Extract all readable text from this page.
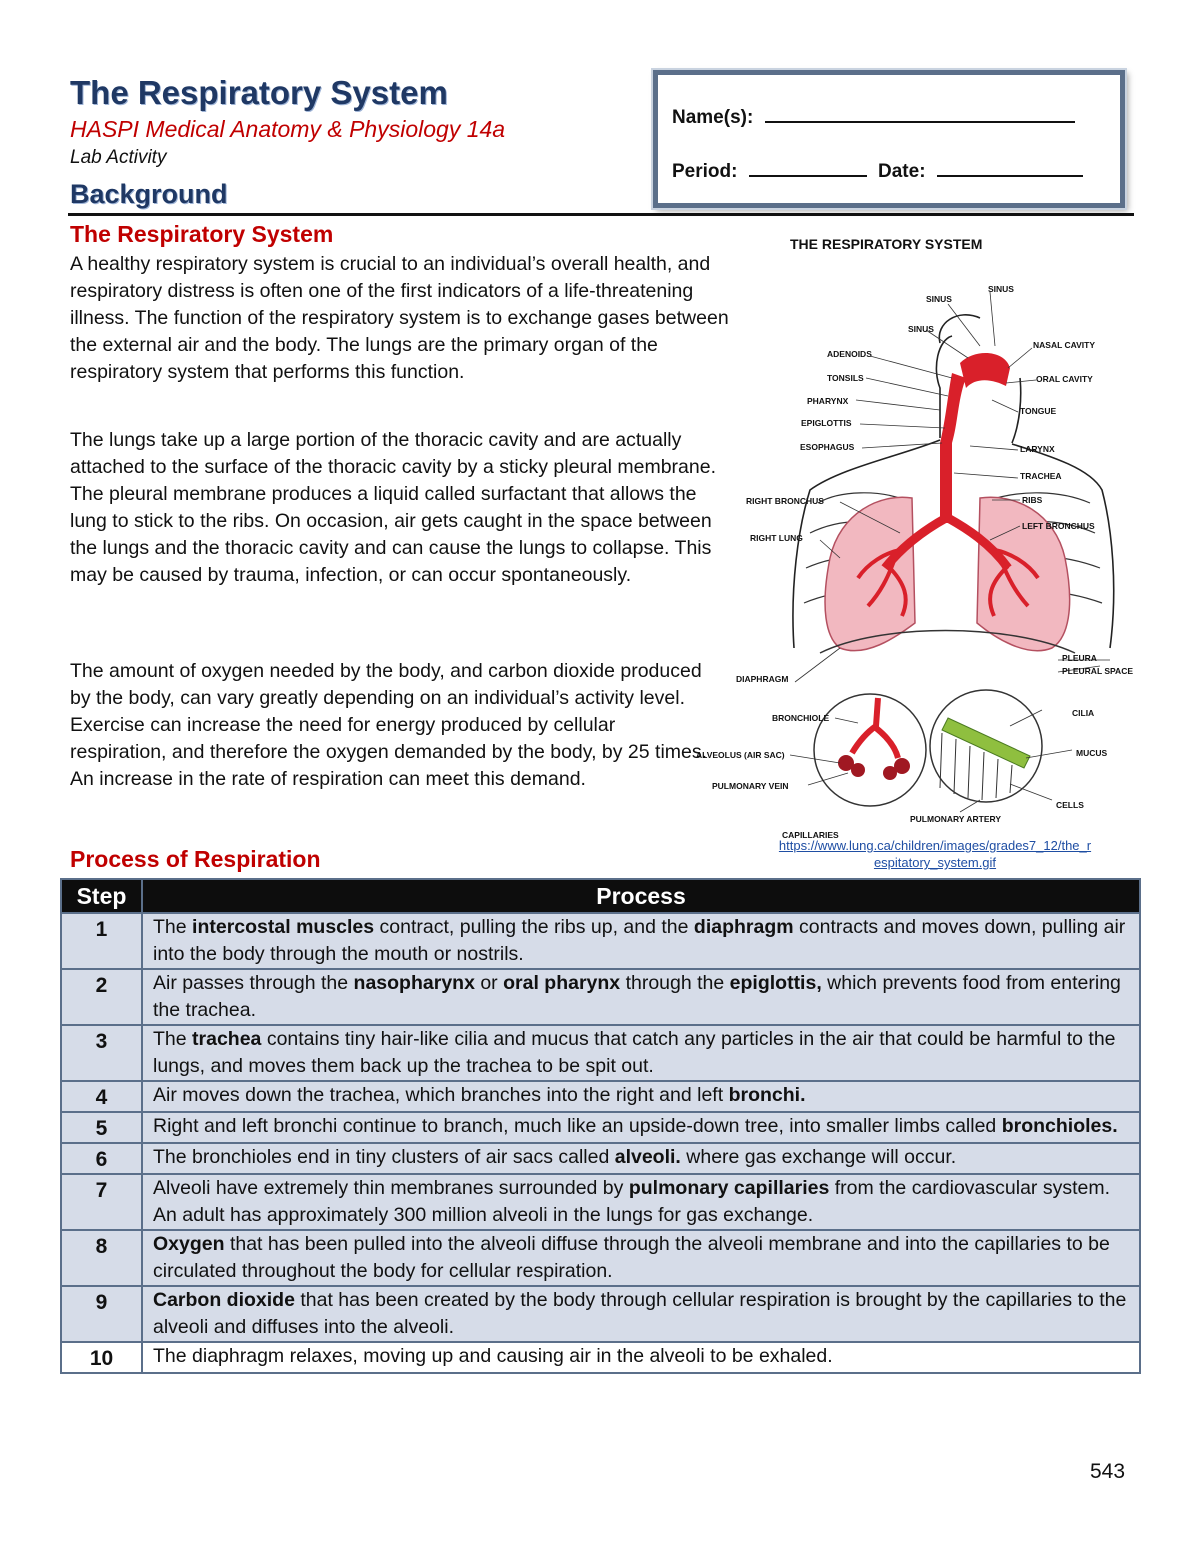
The Respiratory System
HASPI Medical Anatomy & Physiology 14a
Lab Activity
Background
Name(s):
Period:	Date:
The Respiratory System
A healthy respiratory system is crucial to an individual’s overall health, and respiratory distress is often one of the first indicators of a life-threatening illness. The function of the respiratory system is to exchange gases between the external air and the body. The lungs are the primary organ of the respiratory system that performs this function.
The lungs take up a large portion of the thoracic cavity and are actually attached to the surface of the thoracic cavity by a sticky pleural membrane. The pleural membrane produces a liquid called surfactant that allows the lung to stick to the ribs. On occasion, air gets caught in the space between the lungs and the thoracic cavity and can cause the lungs to collapse. This may be caused by trauma, infection, or can occur spontaneously.
The amount of oxygen needed by the body, and carbon dioxide produced by the body, can vary greatly depending on an individual’s activity level. Exercise can increase the need for energy produced by cellular respiration, and therefore the oxygen demanded by the body, by 25 times. An increase in the rate of respiration can meet this demand.
THE RESPIRATORY SYSTEM
SINUS
SINUS
SINUS
ADENOIDS
TONSILS
PHARYNX
EPIGLOTTIS
ESOPHAGUS
RIGHT BRONCHUS
RIGHT LUNG
NASAL CAVITY
ORAL CAVITY
TONGUE
LARYNX
TRACHEA
RIBS
LEFT BRONCHUS
PLEURA
PLEURAL SPACE
DIAPHRAGM
BRONCHIOLE
ALVEOLUS (AIR SAC)
PULMONARY VEIN
CAPILLARIES
PULMONARY ARTERY
CILIA
MUCUS
CELLS
https://www.lung.ca/children/images/grades7_12/the_r
espitatory_system.gif
Process of Respiration
Step	Process
1	The intercostal muscles contract, pulling the ribs up, and the diaphragm contracts and moves down, pulling air into the body through the mouth or nostrils.
2	Air passes through the nasopharynx or oral pharynx through the epiglottis, which prevents food from entering the trachea.
3	The trachea contains tiny hair-like cilia and mucus that catch any particles in the air that could be harmful to the lungs, and moves them back up the trachea to be spit out.
4	Air moves down the trachea, which branches into the right and left bronchi.
5	Right and left bronchi continue to branch, much like an upside-down tree, into smaller limbs called bronchioles.
6	The bronchioles end in tiny clusters of air sacs called alveoli. where gas exchange will occur.
7	Alveoli have extremely thin membranes surrounded by pulmonary capillaries from the cardiovascular system. An adult has approximately 300 million alveoli in the lungs for gas exchange.
8	Oxygen that has been pulled into the alveoli diffuse through the alveoli membrane and into the capillaries to be circulated throughout the body for cellular respiration.
9	Carbon dioxide that has been created by the body through cellular respiration is brought by the capillaries to the alveoli and diffuses into the alveoli.
10	The diaphragm relaxes, moving up and causing air in the alveoli to be exhaled.
543
